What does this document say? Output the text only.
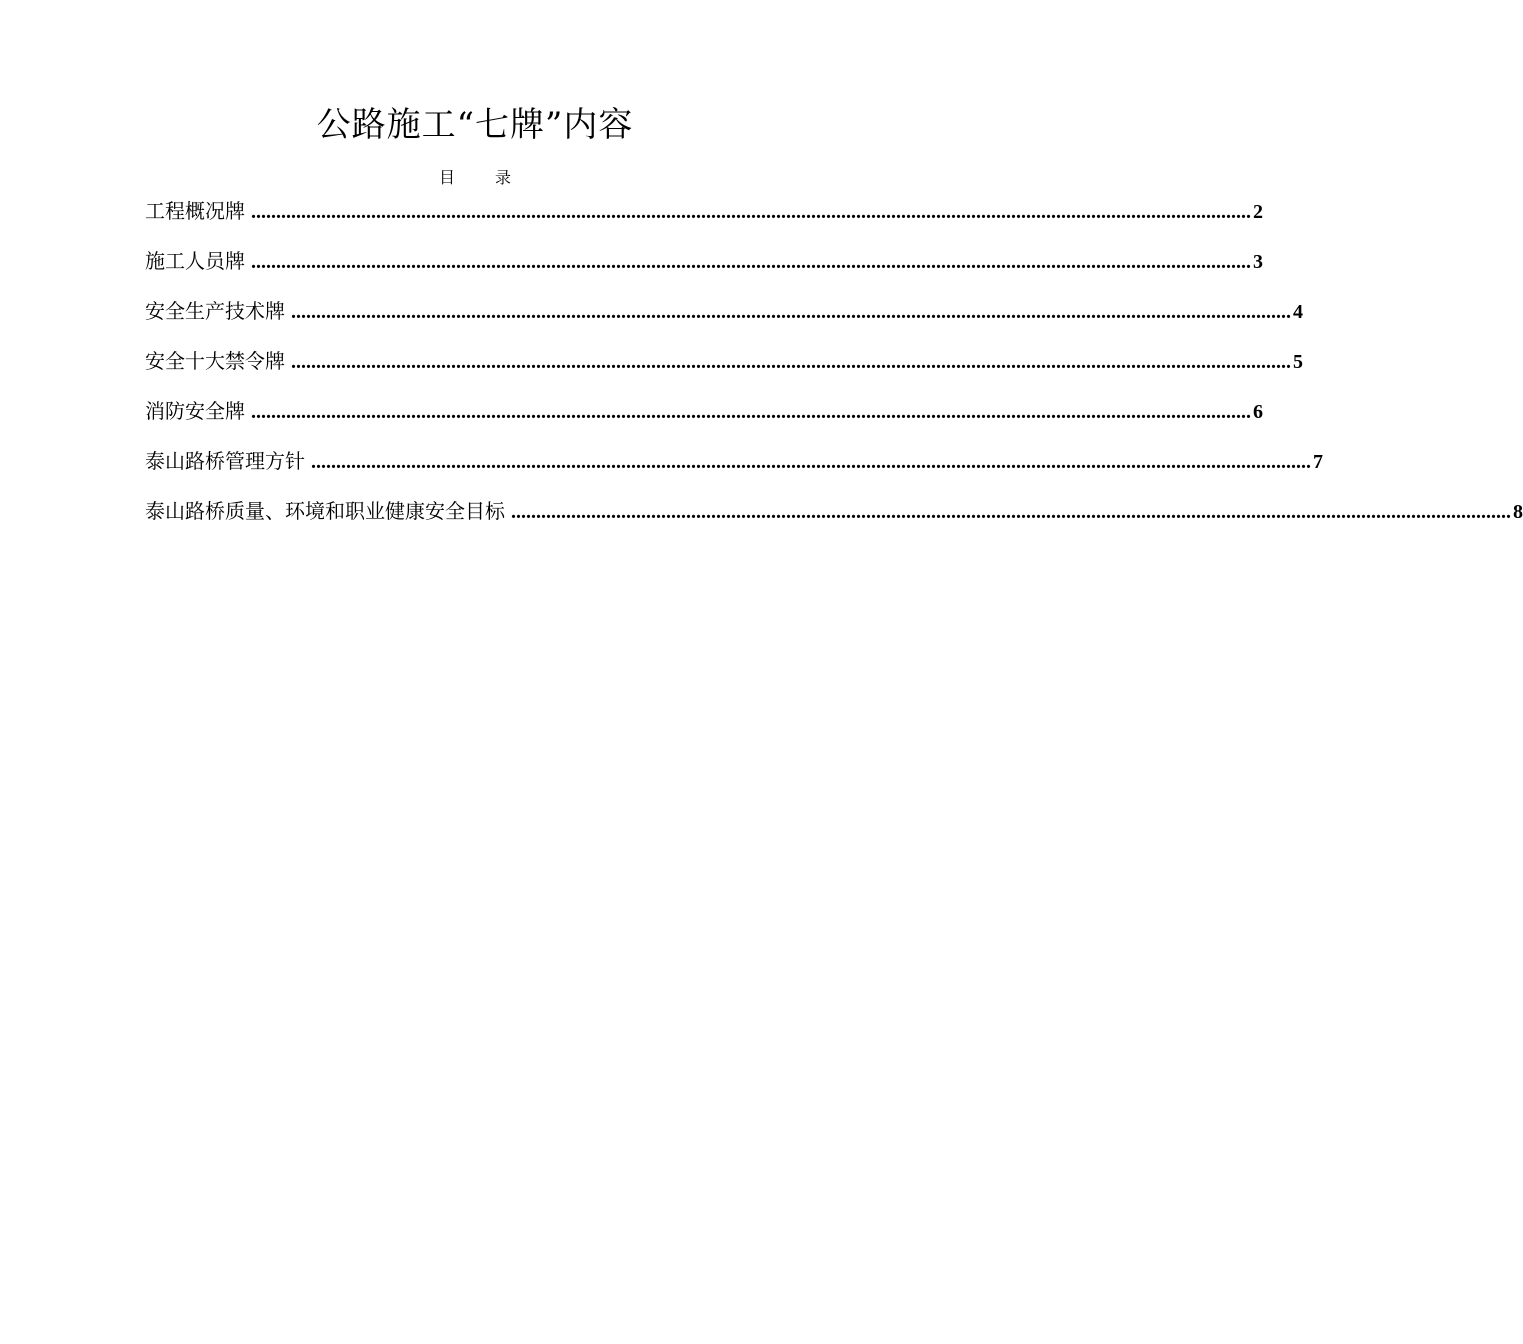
公路施工“七牌”内容
目	录
工程概况牌 ........................................................................................................................................................................................................ 2
施工人员牌 ........................................................................................................................................................................................................ 3
安全生产技术牌 ........................................................................................................................................................................................................ 4
安全十大禁令牌 ........................................................................................................................................................................................................ 5
消防安全牌 ........................................................................................................................................................................................................ 6
泰山路桥管理方针 ........................................................................................................................................................................................................ 7
泰山路桥质量、环境和职业健康安全目标 ........................................................................................................................................................................................................ 8
